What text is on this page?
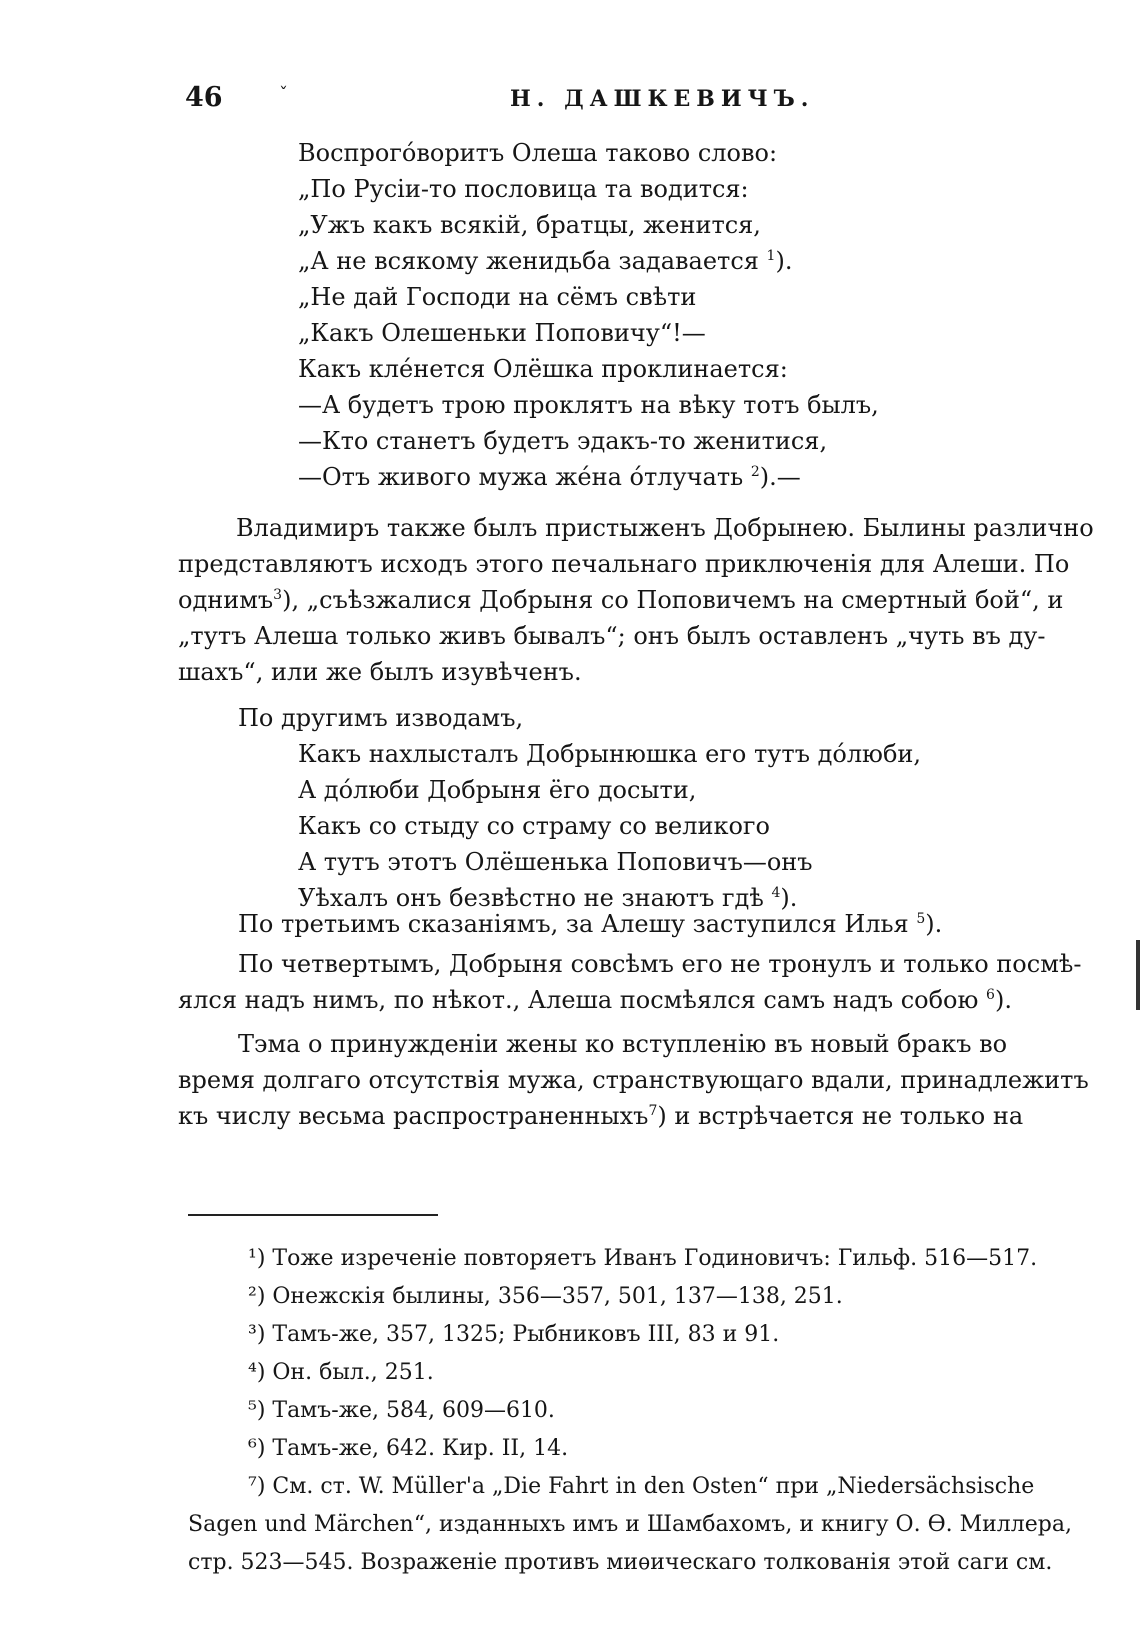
46	ˇ	Н. ДАШКЕВИЧЪ.
Воспрогόворитъ Олеша таково слово:
„По Русіи-то пословица та водится:
„Ужъ какъ всякій, братцы, женится,
„А не всякому женидьба задавается $^1$).
„Не дай Господи на сёмъ свѣти
„Какъ Олешеньки Поповичу“!—
Какъ клéнется Олёшка проклинается:
—А будетъ трою проклятъ на вѣку тотъ былъ,
—Кто станетъ будетъ эдакъ-то женитися,
—Отъ живого мужа жéна όтлучать $^2$).—
Владимиръ также былъ пристыженъ Добрынею. Былины различно
представляютъ исходъ этого печальнаго приключенія для Алеши. По
однимъ$^3$), „съѣзжалися Добрыня со Поповичемъ на смертный бой“, и
„тутъ Алеша только живъ бывалъ“; онъ былъ оставленъ „чуть въ ду-
шахъ“, или же былъ изувѣченъ.
По другимъ изводамъ,
Какъ нахлысталъ Добрынюшка его тутъ дόлюби,
А дόлюби Добрыня ёго досыти,
Какъ со стыду со страму со великого
А тутъ этотъ Олёшенька Поповичъ—онъ
Уѣхалъ онъ безвѣстно не знаютъ гдѣ $^4$).
По третьимъ сказаніямъ, за Алешу заступился Илья $^5$).
По четвертымъ, Добрыня совсѣмъ его не тронулъ и только посмѣ-
ялся надъ нимъ, по нѣкот., Алеша посмѣялся самъ надъ собою $^6$).
Тэма о принужденіи жены ко вступленію въ новый бракъ во
время долгаго отсутствія мужа, странствующаго вдали, принадлежитъ
къ числу весьма распространенныхъ$^7$) и встрѣчается не только на
¹) Тоже изреченіе повторяетъ Иванъ Годиновичъ: Гильф. 516—517.
²) Онежскія былины, 356—357, 501, 137—138, 251.
³) Тамъ-же, 357, 1325; Рыбниковъ III, 83 и 91.
⁴) Он. был., 251.
⁵) Тамъ-же, 584, 609—610.
⁶) Тамъ-же, 642. Кир. II, 14.
⁷) См. ст. W. Müller'a „Die Fahrt in den Osten“ при „Niedersächsische
Sagen und Märchen“, изданныхъ имъ и Шамбахомъ, и книгу О. Ѳ. Миллера,
стр. 523—545. Возраженіе противъ миѳическаго толкованія этой саги см.
